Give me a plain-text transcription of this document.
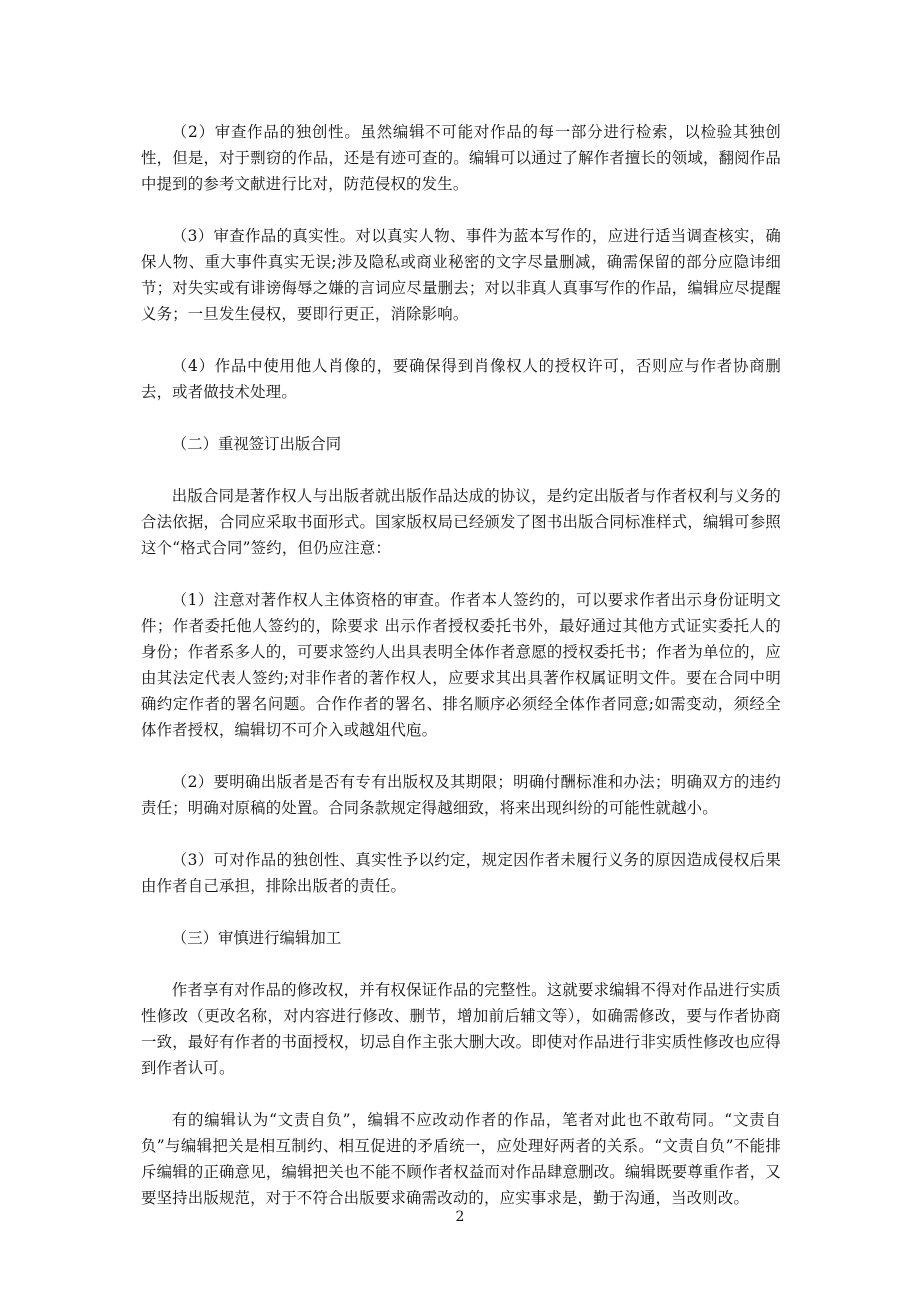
（2）审查作品的独创性。虽然编辑不可能对作品的每一部分进行检索，以检验其独创性，但是，对于剽窃的作品，还是有迹可查的。编辑可以通过了解作者擅长的领域，翻阅作品中提到的参考文献进行比对，防范侵权的发生。

（3）审查作品的真实性。对以真实人物、事件为蓝本写作的，应进行适当调查核实，确保人物、重大事件真实无误;涉及隐私或商业秘密的文字尽量删减，确需保留的部分应隐讳细节；对失实或有诽谤侮辱之嫌的言词应尽量删去；对以非真人真事写作的作品，编辑应尽提醒义务；一旦发生侵权，要即行更正，消除影响。

（4）作品中使用他人肖像的，要确保得到肖像权人的授权许可，否则应与作者协商删去，或者做技术处理。

（二）重视签订出版合同

出版合同是著作权人与出版者就出版作品达成的协议，是约定出版者与作者权利与义务的合法依据，合同应采取书面形式。国家版权局已经颁发了图书出版合同标准样式，编辑可参照这个“格式合同”签约，但仍应注意：

（1）注意对著作权人主体资格的审查。作者本人签约的，可以要求作者出示身份证明文件；作者委托他人签约的，除要求 出示作者授权委托书外，最好通过其他方式证实委托人的身份；作者系多人的，可要求签约人出具表明全体作者意愿的授权委托书；作者为单位的，应由其法定代表人签约;对非作者的著作权人，应要求其出具著作权属证明文件。要在合同中明确约定作者的署名问题。合作作者的署名、排名顺序必须经全体作者同意;如需变动，须经全体作者授权，编辑切不可介入或越俎代庖。

（2）要明确出版者是否有专有出版权及其期限；明确付酬标准和办法；明确双方的违约责任；明确对原稿的处置。合同条款规定得越细致，将来出现纠纷的可能性就越小。

（3）可对作品的独创性、真实性予以约定，规定因作者未履行义务的原因造成侵权后果由作者自己承担，排除出版者的责任。

（三）审慎进行编辑加工

作者享有对作品的修改权，并有权保证作品的完整性。这就要求编辑不得对作品进行实质性修改（更改名称，对内容进行修改、删节，增加前后辅文等），如确需修改，要与作者协商一致，最好有作者的书面授权，切忌自作主张大删大改。即使对作品进行非实质性修改也应得到作者认可。

有的编辑认为“文责自负”，编辑不应改动作者的作品，笔者对此也不敢苟同。“文责自负”与编辑把关是相互制约、相互促进的矛盾统一，应处理好两者的关系。“文责自负”不能排斥编辑的正确意见，编辑把关也不能不顾作者权益而对作品肆意删改。编辑既要尊重作者，又要坚持出版规范，对于不符合出版要求确需改动的，应实事求是，勤于沟通，当改则改。

2
